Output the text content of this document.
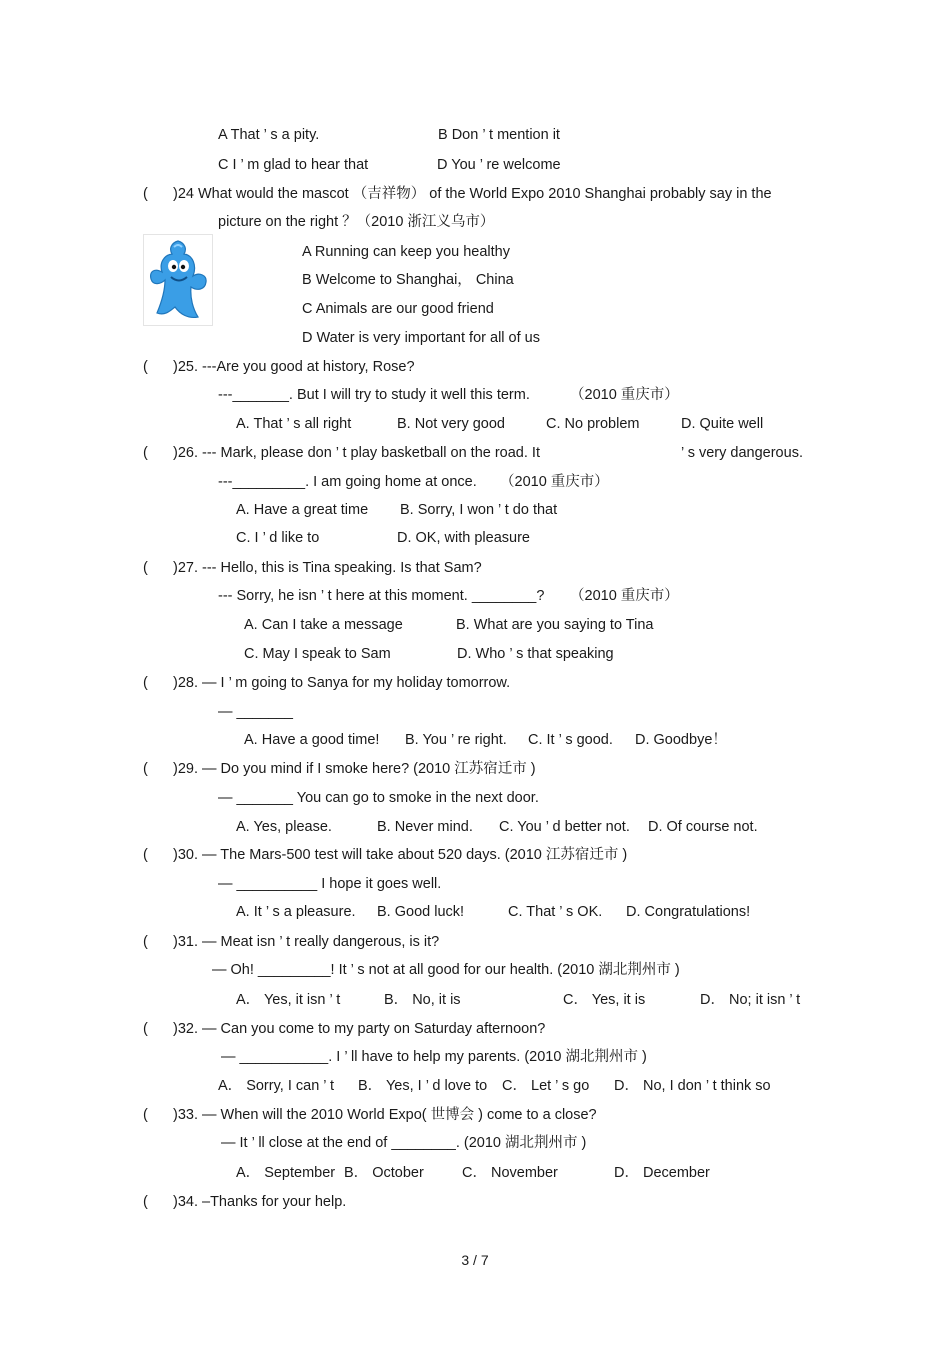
A That ’ s a pity.	B Don ’ t mention it
C I ’ m glad to hear that	D You ’ re welcome
( )24 What would the mascot （吉祥物） of the World Expo 2010 Shanghai probably say in the
picture on the right ？（2010 浙江义乌市）
A Running can keep you healthy
B Welcome to Shanghai， China
C Animals are our good friend
D Water is very important for all of us
( )25. ---Are you good at history, Rose?
---_______. But I will try to study it well this term.	（2010 重庆市）
A. That ’ s all right	B. Not very good	C. No problem	D. Quite well
( )26. --- Mark, please don ’ t play basketball on the road. It	’ s very dangerous.
---_________. I am going home at once. （2010 重庆市）
A. Have a great time B. Sorry, I won ’ t do that
C. I ’ d like to	D. OK, with pleasure
( )27. --- Hello, this is Tina speaking. Is that Sam?
--- Sorry, he isn ’ t here at this moment. ________? （2010 重庆市）
A. Can I take a message	B. What are you saying to Tina
C. May I speak to Sam	D. Who ’ s that speaking
( )28. — I ’ m going to Sanya for my holiday tomorrow.
— _______
A. Have a good time! B. You ’ re right. C. It ’ s good. D. Goodbye！
( )29. — Do you mind if I smoke here? (2010 江苏宿迁市 )
— _______ You can go to smoke in the next door.
A. Yes, please.	B. Never mind. C. You ’ d better not. D. Of course not.
( )30. — The Mars-500 test will take about 520 days. (2010 江苏宿迁市 )
— __________ I hope it goes well.
A. It ’ s a pleasure. B. Good luck!	C. That ’ s OK. D. Congratulations!
( )31. — Meat isn ’ t really dangerous, is it?
— Oh! _________! It ’ s not at all good for our health. (2010 湖北荆州市 )
A． Yes, it isn ’ t	B． No, it is	C． Yes, it is	D． No; it isn ’ t
( )32. — Can you come to my party on Saturday afternoon?
— ___________. I ’ ll have to help my parents. (2010 湖北荆州市 )
A． Sorry, I can ’ t B． Yes, I ’ d love to C． Let ’ s go D． No, I don ’ t think so
( )33. — When will the 2010 World Expo( 世博会 ) come to a close?
— It ’ ll close at the end of ________. (2010 湖北荆州市 )
A． September B． October	C． November	D． December
( )34. –Thanks for your help.
3 / 7
